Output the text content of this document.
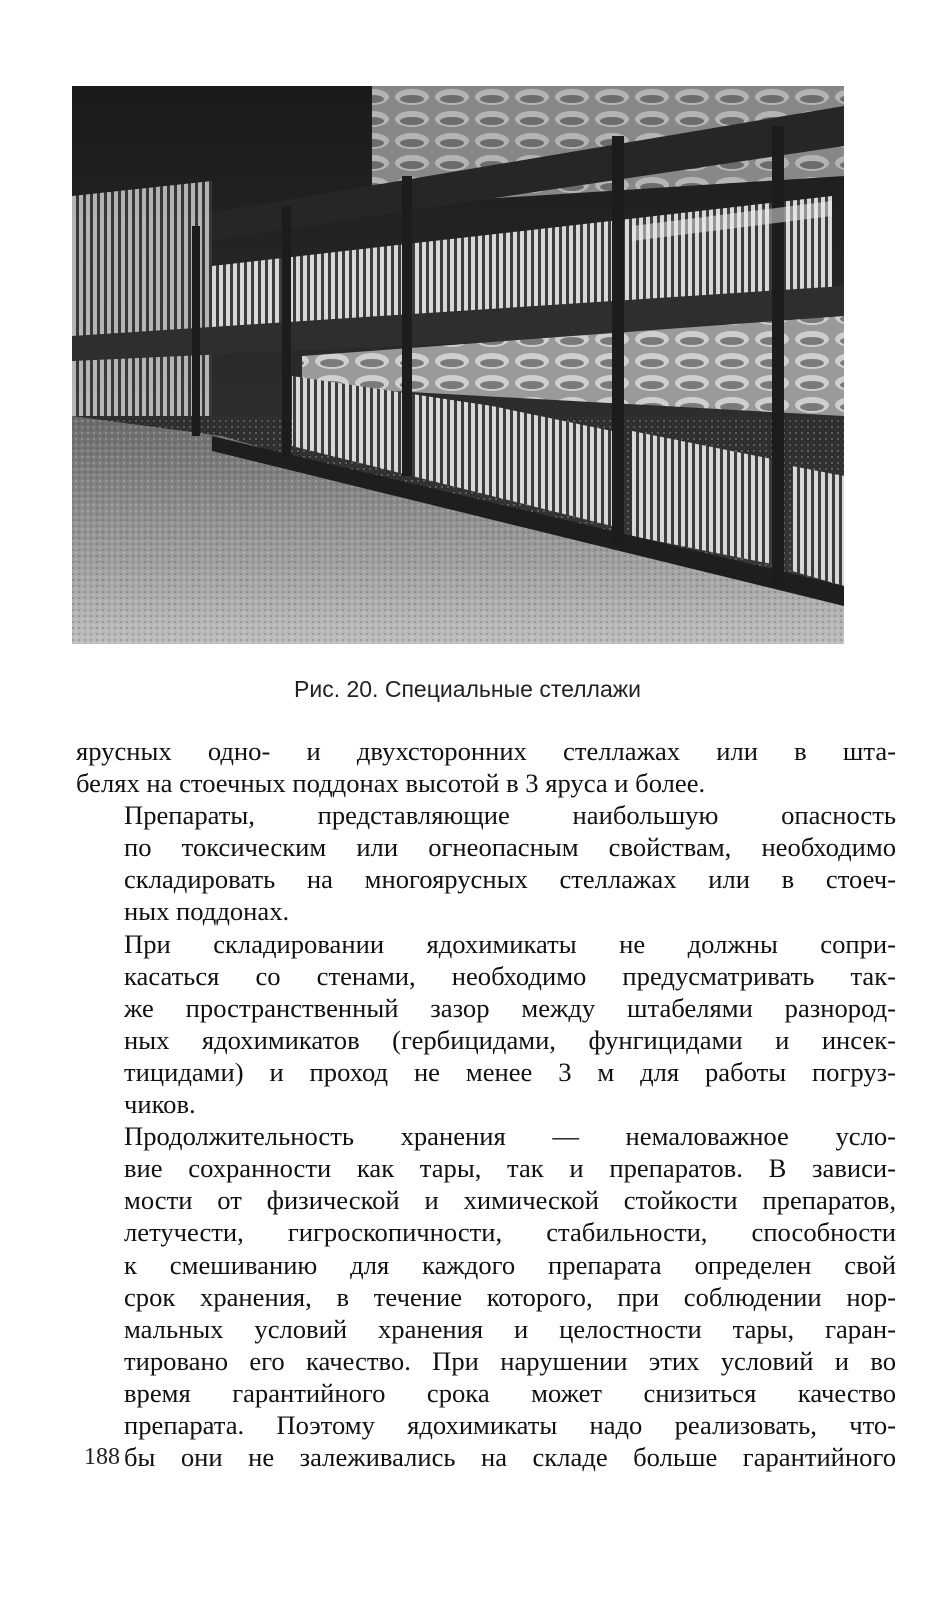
Рис. 20. Специальные стеллажи

ярусных одно- и двухсторонних стеллажах или в шта-
белях на стоечных поддонах высотой в 3 яруса и более.

Препараты, представляющие наибольшую опасность
по токсическим или огнеопасным свойствам, необходимо
складировать на многоярусных стеллажах или в стоеч-
ных поддонах.

При складировании ядохимикаты не должны сопри-
касаться со стенами, необходимо предусматривать так-
же пространственный зазор между штабелями разнород-
ных ядохимикатов (гербицидами, фунгицидами и инсек-
тицидами) и проход не менее 3 м для работы погруз-
чиков.

Продолжительность хранения — немаловажное усло-
вие сохранности как тары, так и препаратов. В зависи-
мости от физической и химической стойкости препаратов,
летучести, гигроскопичности, стабильности, способности
к смешиванию для каждого препарата определен свой
срок хранения, в течение которого, при соблюдении нор-
мальных условий хранения и целостности тары, гаран-
тировано его качество. При нарушении этих условий и во
время гарантийного срока может снизиться качество
препарата. Поэтому ядохимикаты надо реализовать, что-
бы они не залеживались на складе больше гарантийного

188
